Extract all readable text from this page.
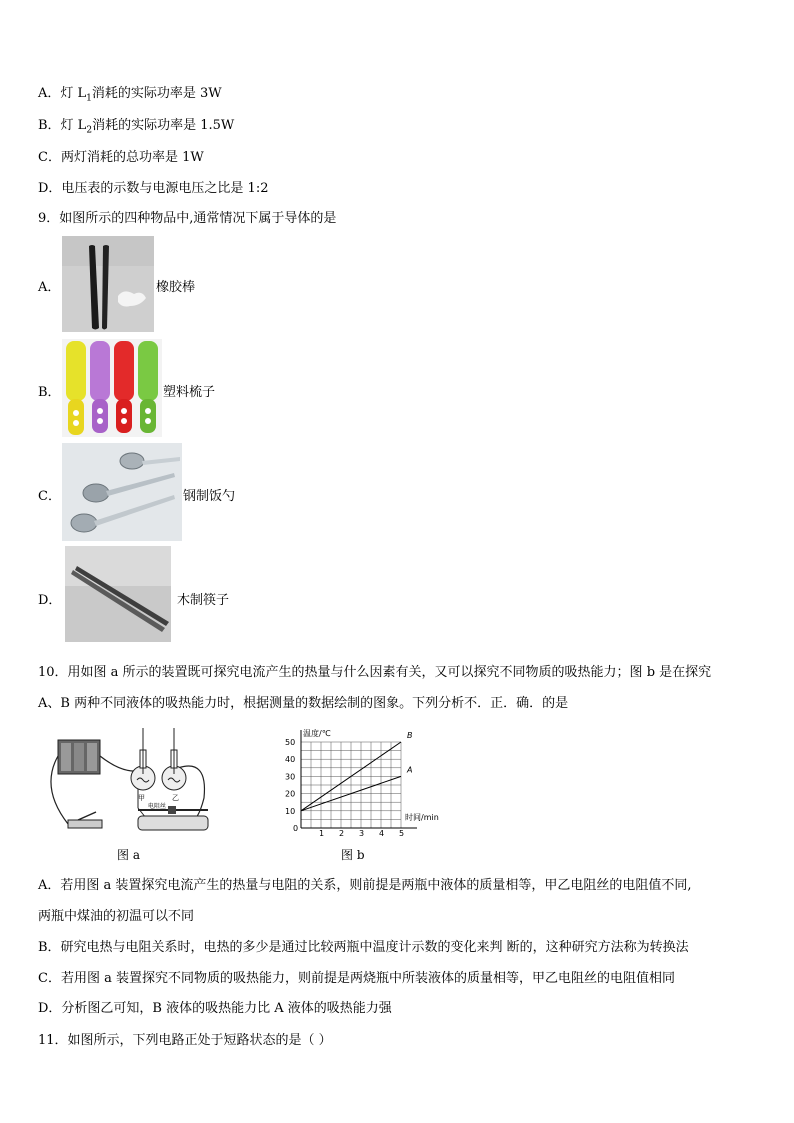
A．灯 $L_1$消耗的实际功率是 3W
B．灯 $L_2$消耗的实际功率是 1.5W
C．两灯消耗的总功率是 1W
D．电压表的示数与电源电压之比是 1:2
9．如图所示的四种物品中,通常情况下属于导体的是
A．	橡胶棒
B．	塑料梳子
C．	钢制饭勺
D．	木制筷子
10．用如图 a 所示的装置既可探究电流产生的热量与什么因素有关，又可以探究不同物质的吸热能力；图 b 是在探究
A、B 两种不同液体的吸热能力时，根据测量的数据绘制的图象。下列分析不．正．确．的是
甲	乙
电阻丝
图 a
0
1 2 3 4 5
10
20
30
40
50
温度/℃
时间/min
B
A
图 b
A．若用图 a 装置探究电流产生的热量与电阻的关系，则前提是两瓶中液体的质量相等，甲乙电阻丝的电阻值不同,
两瓶中煤油的初温可以不同
B．研究电热与电阻关系时，电热的多少是通过比较两瓶中温度计示数的变化来判 断的，这种研究方法称为转换法
C．若用图 a 装置探究不同物质的吸热能力，则前提是两烧瓶中所装液体的质量相等，甲乙电阻丝的电阻值相同
D．分析图乙可知，B 液体的吸热能力比 A 液体的吸热能力强
11．如图所示，下列电路正处于短路状态的是（ ）
